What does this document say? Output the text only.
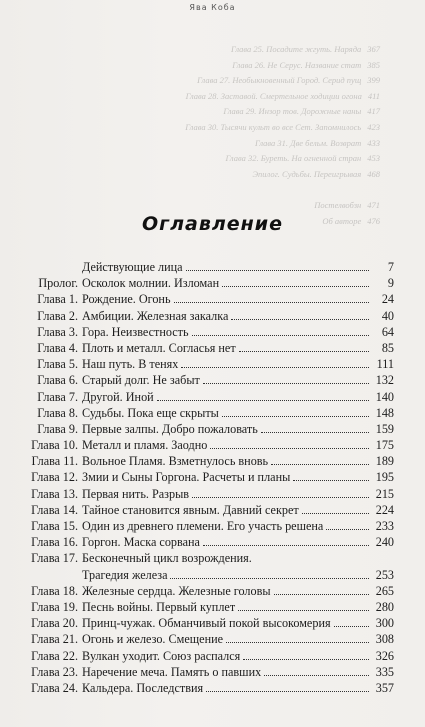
Ява Коба
Глава 25. Посадите жгуть. Наряда 367
Глава 26. Не Серус. Название стат 385
Глава 27. Необыкновенный Город. Серид пущ 399
Глава 28. Заставой. Смертельное ходиции огона 411
Глава 29. Инзор тов. Дорожные наны 417
Глава 30. Тысячи культ во все Сет. Запомнилось 423
Глава 31. Две бельм. Возврат 433
Глава 32. Буреть. На огненной стран 453
Эпилог. Судьбы. Переигрывая 468
Постелвобзн 471
Об авторе 476
Оглавление
Действующие лица	7
Пролог. Осколок молнии. Изломан	9
Глава 1. Рождение. Огонь	24
Глава 2. Амбиции. Железная закалка	40
Глава 3. Гора. Неизвестность	64
Глава 4. Плоть и металл. Согласья нет	85
Глава 5. Наш путь. В тенях	111
Глава 6. Старый долг. Не забыт	132
Глава 7. Другой. Иной	140
Глава 8. Судьбы. Пока еще скрыты	148
Глава 9. Первые залпы. Добро пожаловать	159
Глава 10. Металл и пламя. Заодно	175
Глава 11. Вольное Пламя. Взметнулось вновь	189
Глава 12. Змии и Сыны Горгона. Расчеты и планы	195
Глава 13. Первая нить. Разрыв	215
Глава 14. Тайное становится явным. Давний секрет	224
Глава 15. Один из древнего племени. Его участь решена	233
Глава 16. Горгон. Маска сорвана	240
Глава 17. Бесконечный цикл возрождения.
Трагедия железа	253
Глава 18. Железные сердца. Железные головы	265
Глава 19. Песнь войны. Первый куплет	280
Глава 20. Принц-чужак. Обманчивый покой высокомерия	300
Глава 21. Огонь и железо. Смещение	308
Глава 22. Вулкан уходит. Союз распался	326
Глава 23. Наречение меча. Память о павших	335
Глава 24. Кальдера. Последствия	357
